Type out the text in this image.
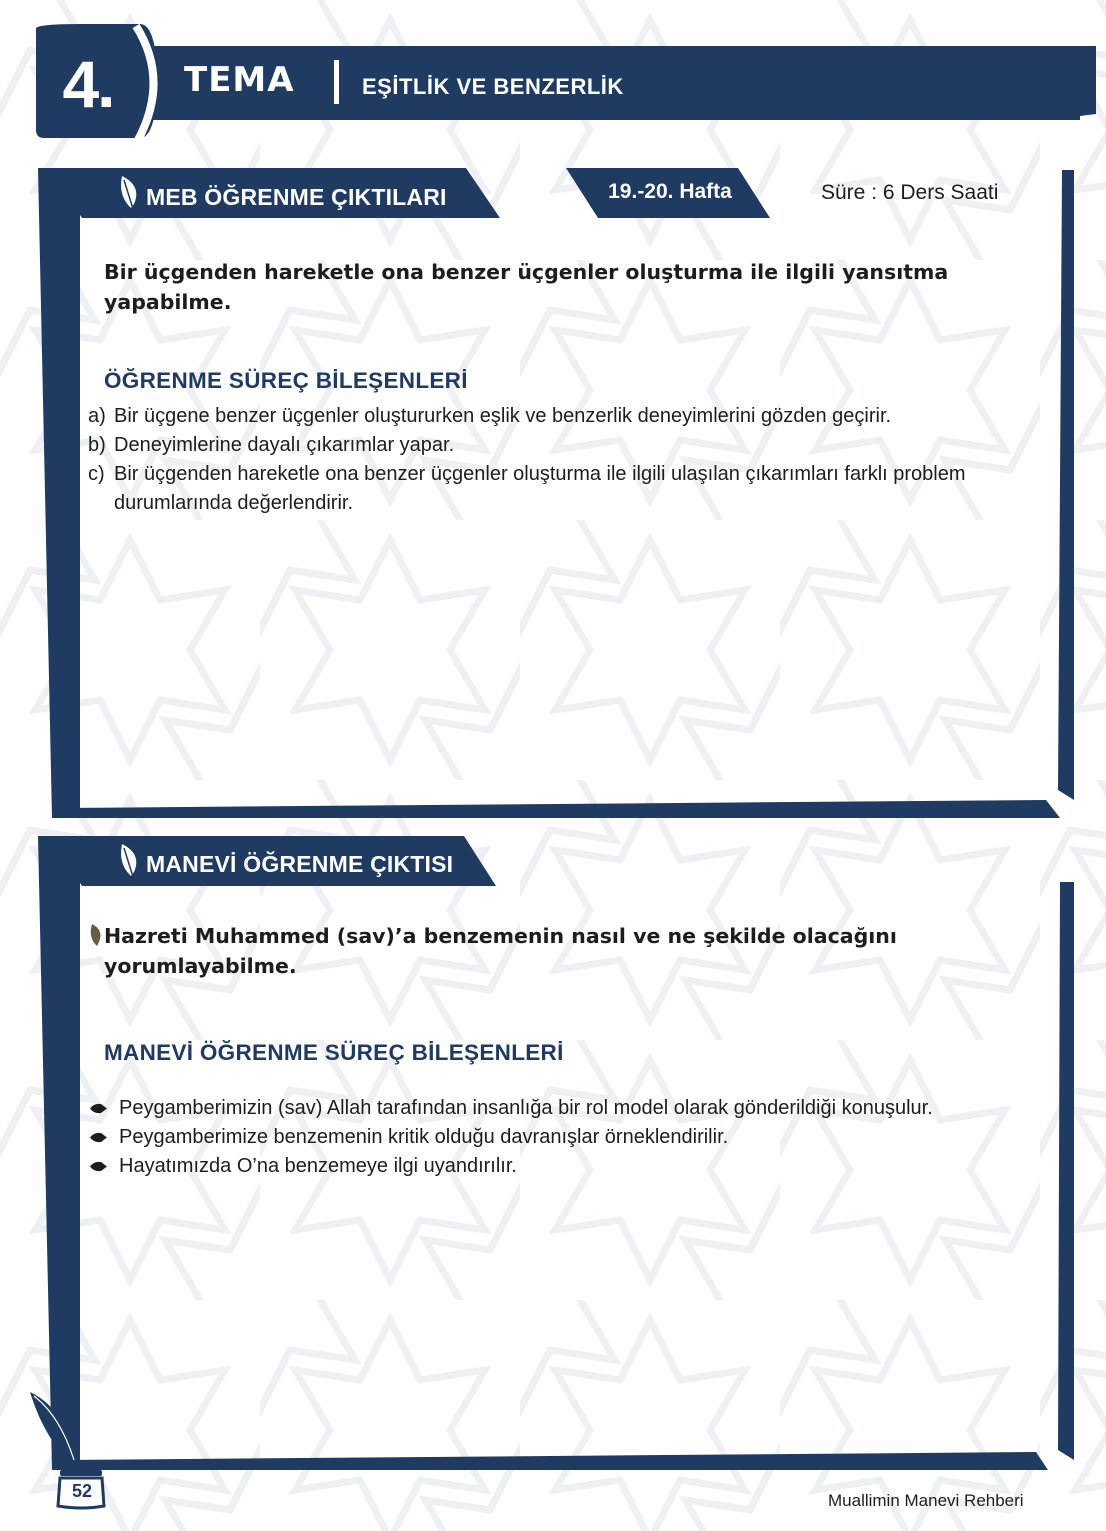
4.	TEMA	EŞİTLİK VE BENZERLİK
MEB ÖĞRENME ÇIKTILARI	19.-20. Hafta	Süre : 6 Ders Saati
Bir üçgenden hareketle ona benzer üçgenler oluşturma ile ilgili yansıtma yapabilme.
ÖĞRENME SÜREÇ BİLEŞENLERİ
a) Bir üçgene benzer üçgenler oluştururken eşlik ve benzerlik deneyimlerini gözden geçirir.
b) Deneyimlerine dayalı çıkarımlar yapar.
c) Bir üçgenden hareketle ona benzer üçgenler oluşturma ile ilgili ulaşılan çıkarımları farklı problem durumlarında değerlendirir.
MANEVİ ÖĞRENME ÇIKTISI
Hazreti Muhammed (sav)’a benzemenin nasıl ve ne şekilde olacağını yorumlayabilme.
MANEVİ ÖĞRENME SÜREÇ BİLEŞENLERİ
Peygamberimizin (sav) Allah tarafından insanlığa bir rol model olarak gönderildiği konuşulur.
Peygamberimize benzemenin kritik olduğu davranışlar örneklendirilir.
Hayatımızda O’na benzemeye ilgi uyandırılır.
52	Muallimin Manevi Rehberi
